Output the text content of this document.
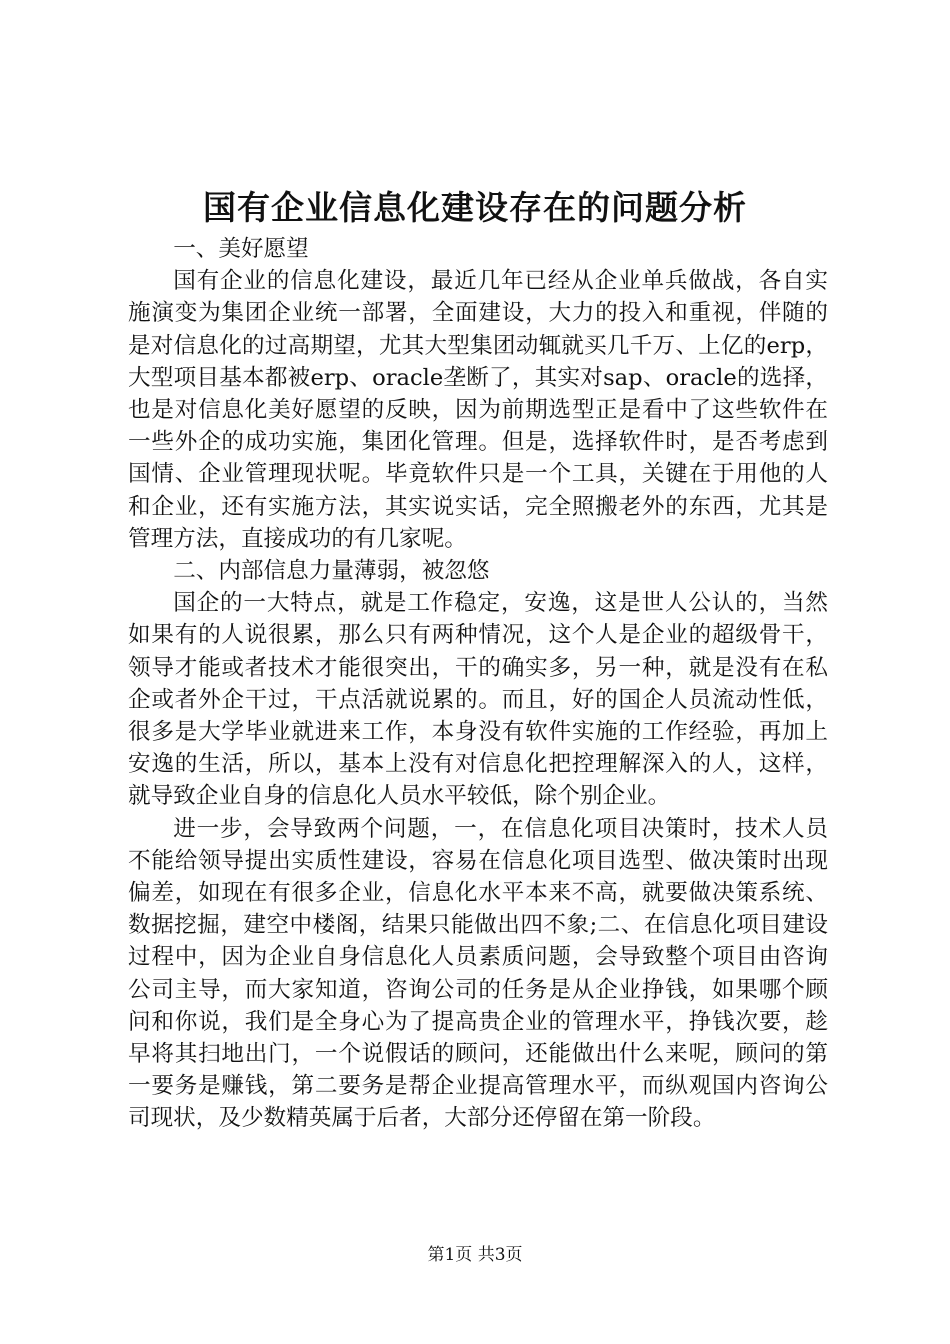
国有企业信息化建设存在的问题分析

一、美好愿望

国有企业的信息化建设，最近几年已经从企业单兵做战，各自实施演变为集团企业统一部署，全面建设，大力的投入和重视，伴随的是对信息化的过高期望，尤其大型集团动辄就买几千万、上亿的erp，大型项目基本都被erp、oracle垄断了，其实对sap、oracle的选择，也是对信息化美好愿望的反映，因为前期选型正是看中了这些软件在一些外企的成功实施，集团化管理。但是，选择软件时，是否考虑到国情、企业管理现状呢。毕竟软件只是一个工具，关键在于用他的人和企业，还有实施方法，其实说实话，完全照搬老外的东西，尤其是管理方法，直接成功的有几家呢。

二、内部信息力量薄弱，被忽悠

国企的一大特点，就是工作稳定，安逸，这是世人公认的，当然如果有的人说很累，那么只有两种情况，这个人是企业的超级骨干，领导才能或者技术才能很突出，干的确实多，另一种，就是没有在私企或者外企干过，干点活就说累的。而且，好的国企人员流动性低，很多是大学毕业就进来工作，本身没有软件实施的工作经验，再加上安逸的生活，所以，基本上没有对信息化把控理解深入的人，这样，就导致企业自身的信息化人员水平较低，除个别企业。

进一步，会导致两个问题，一，在信息化项目决策时，技术人员不能给领导提出实质性建设，容易在信息化项目选型、做决策时出现偏差，如现在有很多企业，信息化水平本来不高，就要做决策系统、数据挖掘，建空中楼阁，结果只能做出四不象;二、在信息化项目建设过程中，因为企业自身信息化人员素质问题，会导致整个项目由咨询公司主导，而大家知道，咨询公司的任务是从企业挣钱，如果哪个顾问和你说，我们是全身心为了提高贵企业的管理水平，挣钱次要，趁早将其扫地出门，一个说假话的顾问，还能做出什么来呢，顾问的第一要务是赚钱，第二要务是帮企业提高管理水平，而纵观国内咨询公司现状，及少数精英属于后者，大部分还停留在第一阶段。

第1页 共3页
